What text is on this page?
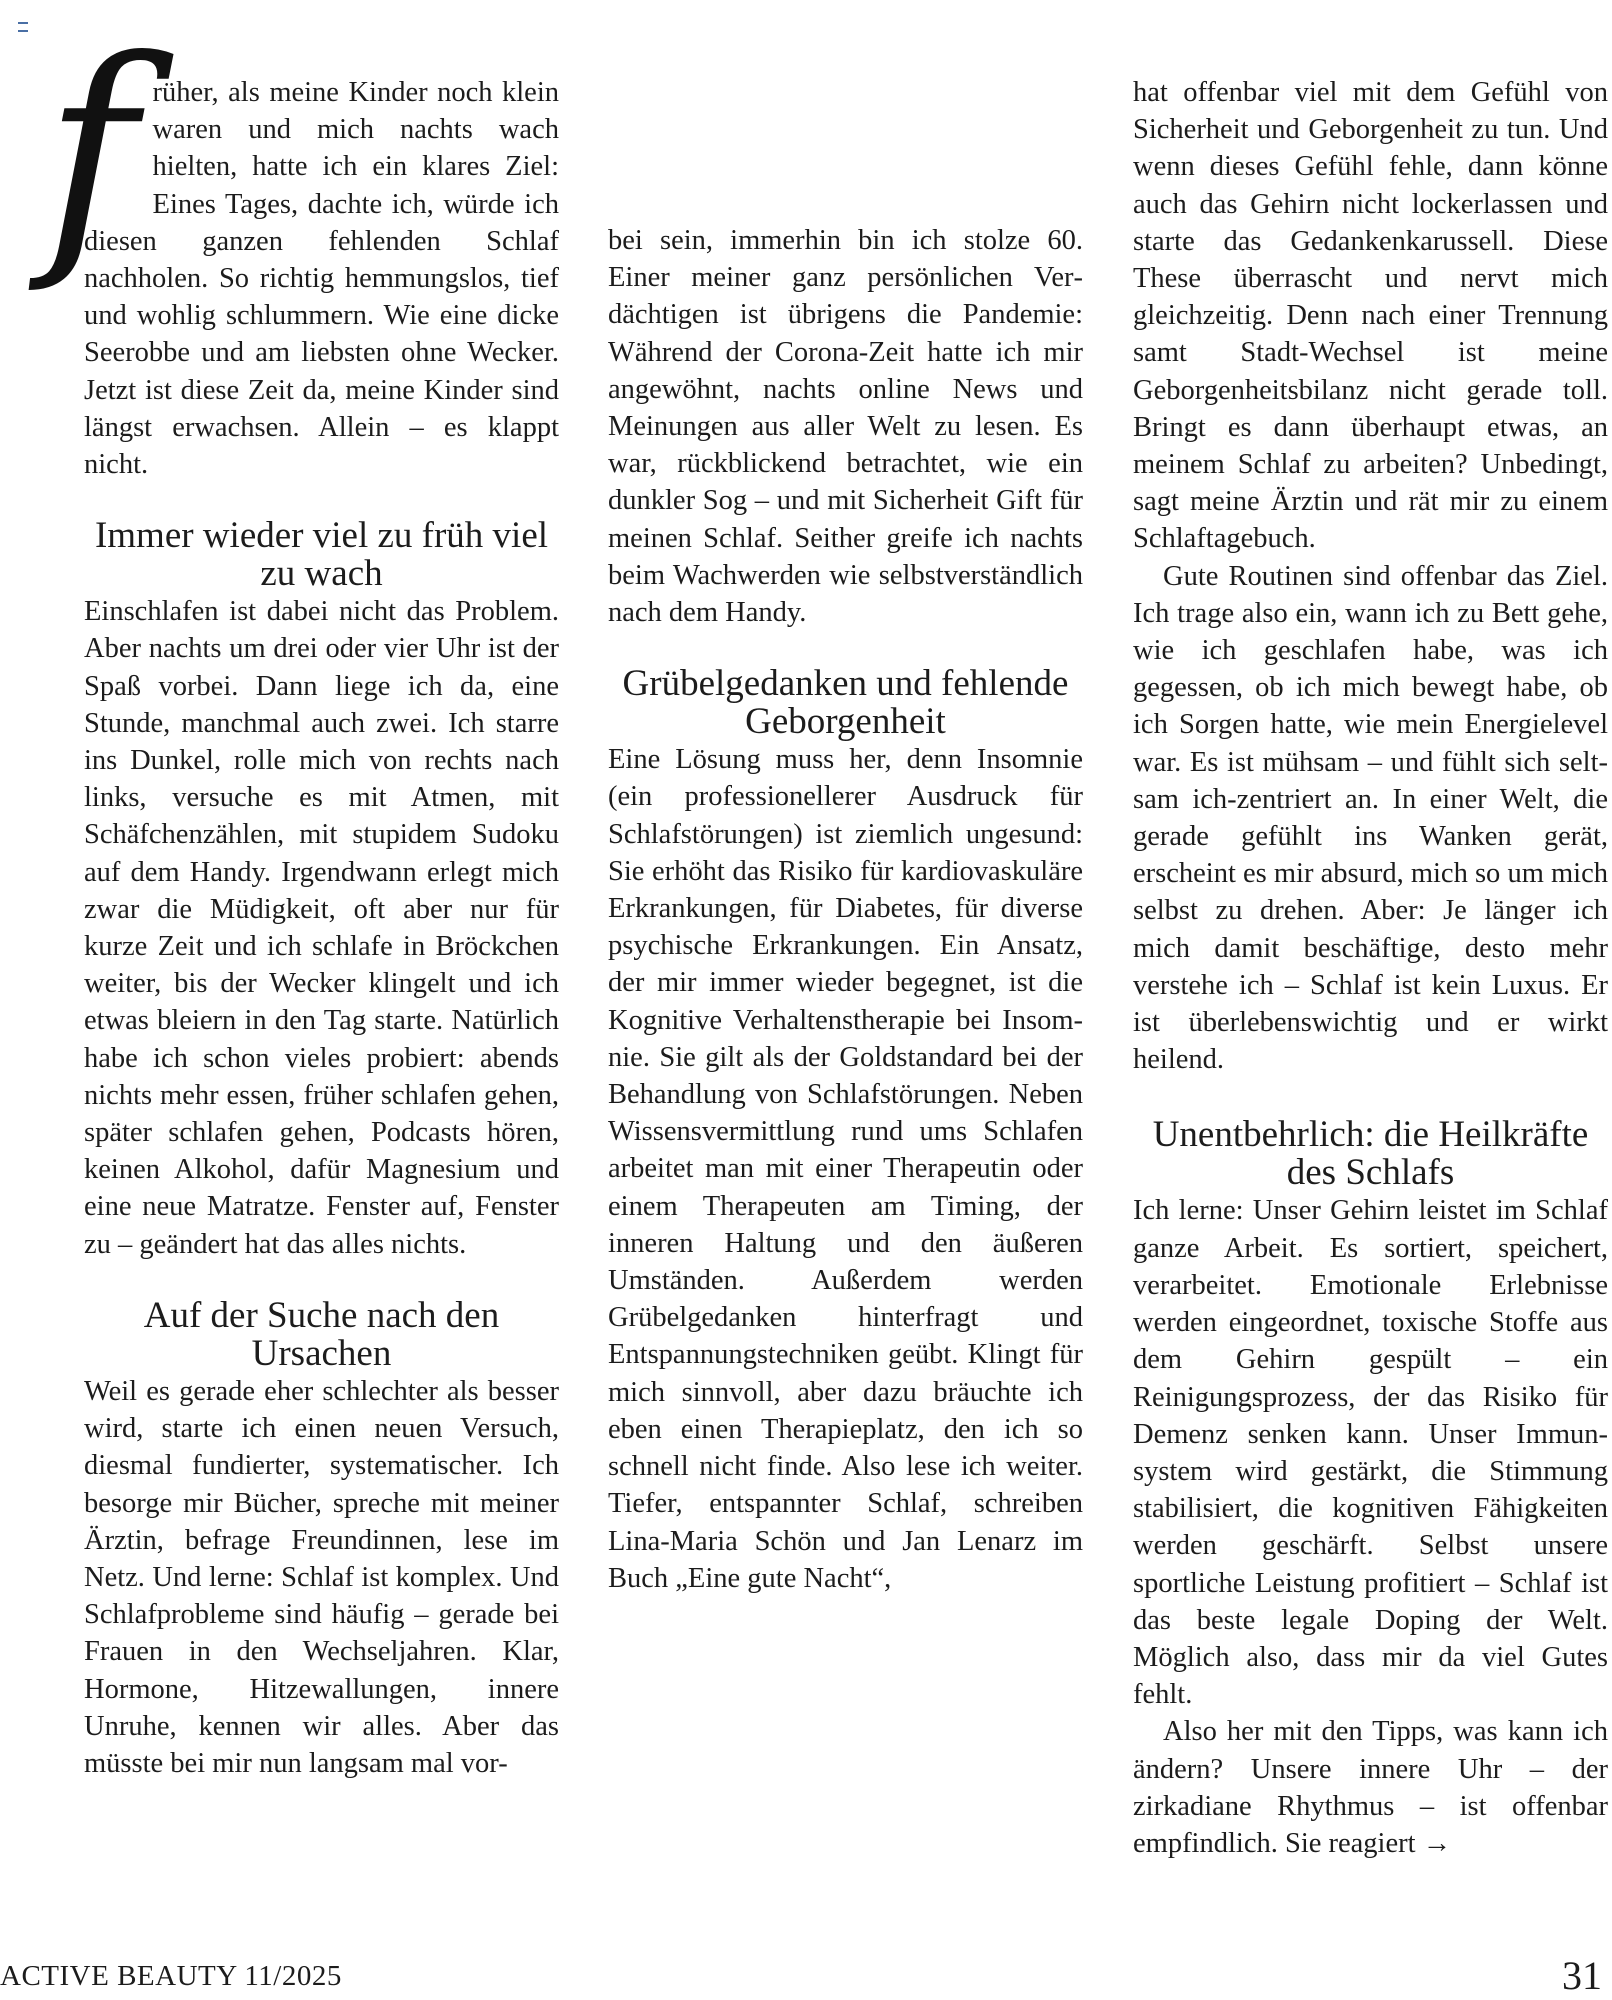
früher, als meine Kinder noch klein waren und mich nachts wach hielten, hatte ich ein klares Ziel: Eines Tages, dachte ich, würde ich diesen ganzen fehlenden Schlaf nachholen. So richtig hemmungslos, tief und wohlig schlummern. Wie eine dicke Seerobbe und am liebsten ohne Wecker. Jetzt ist diese Zeit da, meine Kinder sind längst erwachsen. Allein – es klappt nicht.

Immer wieder viel zu früh viel zu wach

Einschlafen ist dabei nicht das Problem. Aber nachts um drei oder vier Uhr ist der Spaß vorbei. Dann liege ich da, eine Stunde, manchmal auch zwei. Ich starre ins Dunkel, rolle mich von rechts nach links, versuche es mit Atmen, mit Schäfchenzählen, mit stupidem Sudoku auf dem Handy. Irgendwann erlegt mich zwar die Müdigkeit, oft aber nur für kurze Zeit und ich schlafe in Bröckchen weiter, bis der Wecker klingelt und ich etwas bleiern in den Tag starte. Natürlich habe ich schon vieles probiert: abends nichts mehr essen, früher schlafen gehen, später schlafen gehen, Podcasts hören, keinen Alkohol, dafür Magnesium und eine neue Matratze. Fenster auf, Fenster zu – geändert hat das alles nichts.

Auf der Suche nach den Ursachen

Weil es gerade eher schlechter als besser wird, starte ich einen neuen Versuch, diesmal fundierter, systematischer. Ich besorge mir Bücher, spreche mit meiner Ärztin, befrage Freundinnen, lese im Netz. Und lerne: Schlaf ist komplex. Und Schlafprobleme sind häufig – gerade bei Frauen in den Wechseljahren. Klar, Hormone, Hitzewallungen, innere Unruhe, kennen wir alles. Aber das müsste bei mir nun langsam mal vor-

bei sein, immerhin bin ich stolze 60. Einer meiner ganz persönlichen Verdächtigen ist übrigens die Pandemie: Während der Corona-Zeit hatte ich mir angewöhnt, nachts online News und Meinungen aus aller Welt zu lesen. Es war, rückblickend betrachtet, wie ein dunkler Sog – und mit Sicherheit Gift für meinen Schlaf. Seither greife ich nachts beim Wachwerden wie selbstverständlich nach dem Handy.

Grübelgedanken und fehlende Geborgenheit

Eine Lösung muss her, denn Insomnie (ein professionellerer Ausdruck für Schlafstörungen) ist ziemlich ungesund: Sie erhöht das Risiko für kardiovaskuläre Erkrankungen, für Diabetes, für diverse psychische Erkrankungen. Ein Ansatz, der mir immer wieder begegnet, ist die Kognitive Verhaltenstherapie bei Insomnie. Sie gilt als der Goldstandard bei der Behandlung von Schlafstörungen. Neben Wissensvermittlung rund ums Schlafen arbeitet man mit einer Therapeutin oder einem Therapeuten am Timing, der inneren Haltung und den äußeren Umständen. Außerdem werden Grübelgedanken hinterfragt und Entspannungstechniken geübt. Klingt für mich sinnvoll, aber dazu bräuchte ich eben einen Therapieplatz, den ich so schnell nicht finde. Also lese ich weiter. Tiefer, entspannter Schlaf, schreiben Lina-Maria Schön und Jan Lenarz im Buch „Eine gute Nacht“,

hat offenbar viel mit dem Gefühl von Sicherheit und Geborgenheit zu tun. Und wenn dieses Gefühl fehle, dann könne auch das Gehirn nicht lockerlassen und starte das Gedankenkarussell. Diese These überrascht und nervt mich gleichzeitig. Denn nach einer Trennung samt Stadt-Wechsel ist meine Geborgenheitsbilanz nicht gerade toll. Bringt es dann überhaupt etwas, an meinem Schlaf zu arbeiten? Unbedingt, sagt meine Ärztin und rät mir zu einem Schlaftagebuch.

Gute Routinen sind offenbar das Ziel. Ich trage also ein, wann ich zu Bett gehe, wie ich geschlafen habe, was ich gegessen, ob ich mich bewegt habe, ob ich Sorgen hatte, wie mein Energielevel war. Es ist mühsam – und fühlt sich seltsam ich-zentriert an. In einer Welt, die gerade gefühlt ins Wanken gerät, erscheint es mir absurd, mich so um mich selbst zu drehen. Aber: Je länger ich mich damit beschäftige, desto mehr verstehe ich – Schlaf ist kein Luxus. Er ist überlebenswichtig und er wirkt heilend.

Unentbehrlich: die Heilkräfte des Schlafs

Ich lerne: Unser Gehirn leistet im Schlaf ganze Arbeit. Es sortiert, speichert, verarbeitet. Emotionale Erlebnisse werden eingeordnet, toxische Stoffe aus dem Gehirn gespült – ein Reinigungsprozess, der das Risiko für Demenz senken kann. Unser Immunsystem wird gestärkt, die Stimmung stabilisiert, die kognitiven Fähigkeiten werden geschärft. Selbst unsere sportliche Leistung profitiert – Schlaf ist das beste legale Doping der Welt. Möglich also, dass mir da viel Gutes fehlt.

Also her mit den Tipps, was kann ich ändern? Unsere innere Uhr – der zirkadiane Rhythmus – ist offenbar empfindlich. Sie reagiert →

ACTIVE BEAUTY 11/2025	31
